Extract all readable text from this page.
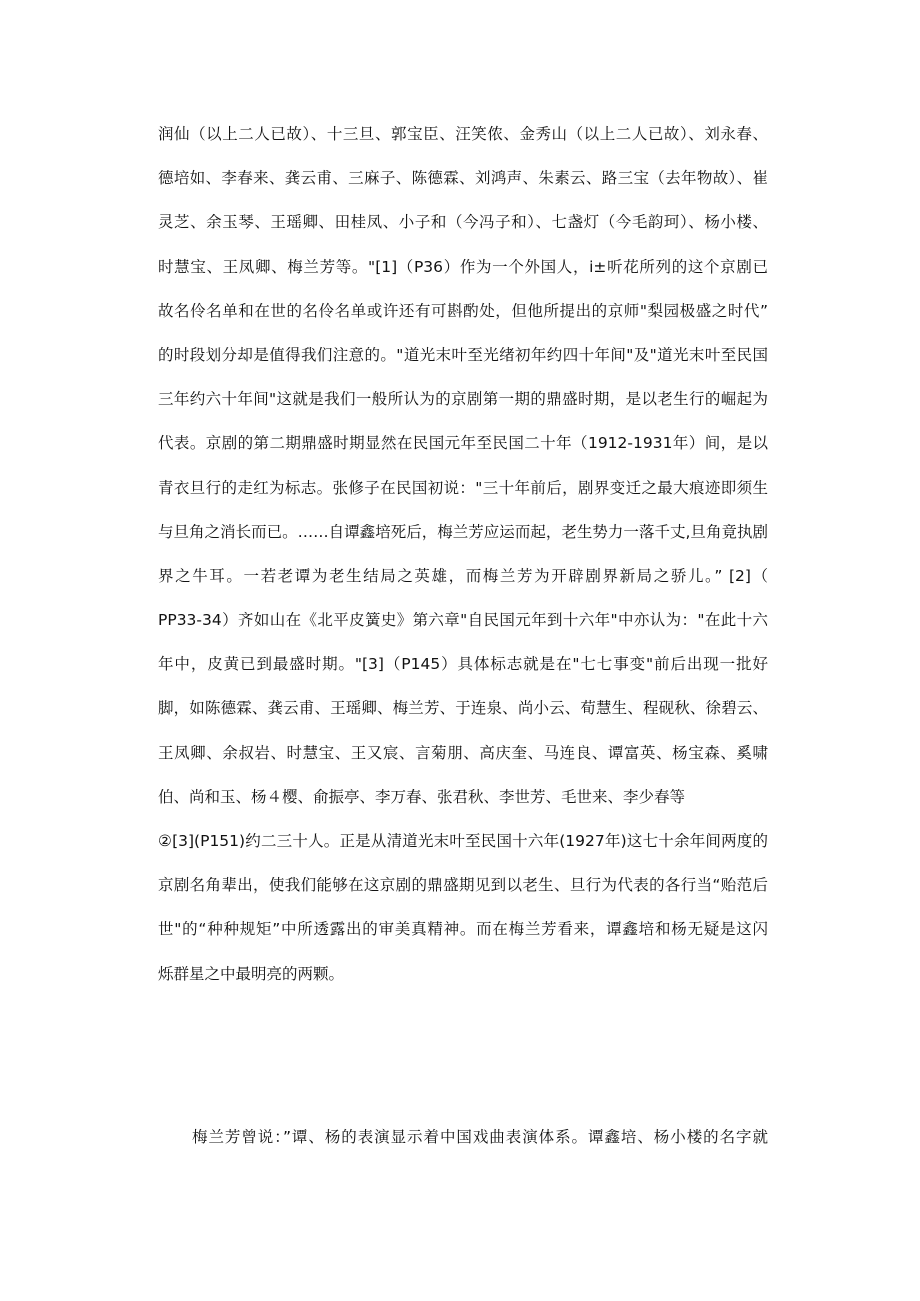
润仙（以上二人已故）、十三旦、郭宝臣、汪笑侬、金秀山（以上二人已故）、刘永春、
德培如、李春来、龚云甫、三麻子、陈德霖、刘鸿声、朱素云、路三宝（去年物故）、崔
灵芝、余玉琴、王瑶卿、田桂凤、小子和（今冯子和）、七盏灯（今毛韵珂）、杨小楼、
时慧宝、王凤卿、梅兰芳等。"[1]（P36）作为一个外国人，i±听花所列的这个京剧已
故名伶名单和在世的名伶名单或许还有可斟酌处，但他所提出的京师"梨园极盛之时代”
的时段划分却是值得我们注意的。"道光末叶至光绪初年约四十年间"及"道光末叶至民国
三年约六十年间"这就是我们一般所认为的京剧第一期的鼎盛时期，是以老生行的崛起为
代表。京剧的第二期鼎盛时期显然在民国元年至民国二十年（1912-1931年）间，是以
青衣旦行的走红为标志。张修子在民国初说："三十年前后，剧界变迁之最大痕迹即须生
与旦角之消长而已。……自谭鑫培死后，梅兰芳应运而起，老生势力一落千丈,旦角竟执剧
界之牛耳。一若老谭为老生结局之英雄，而梅兰芳为开辟剧界新局之骄儿。” [2]（
PP33-34）齐如山在《北平皮簧史》第六章"自民国元年到十六年"中亦认为："在此十六
年中，皮黄已到最盛时期。"[3]（P145）具体标志就是在"七七事变"前后出现一批好
脚，如陈德霖、龚云甫、王瑶卿、梅兰芳、于连泉、尚小云、荀慧生、程砚秋、徐碧云、
王凤卿、余叔岩、时慧宝、王又宸、言菊朋、高庆奎、马连良、谭富英、杨宝森、奚啸
伯、尚和玉、杨４樱、俞振亭、李万春、张君秋、李世芳、毛世来、李少春等
②[3](P151)约二三十人。正是从清道光末叶至民国十六年(1927年)这七十余年间两度的
京剧名角辈出，使我们能够在这京剧的鼎盛期见到以老生、旦行为代表的各行当“贻范后
世"的“种种规矩”中所透露出的审美真精神。而在梅兰芳看来，谭鑫培和杨无疑是这闪
烁群星之中最明亮的两颗。
梅兰芳曾说：”谭、杨的表演显示着中国戏曲表演体系。谭鑫培、杨小楼的名字就
